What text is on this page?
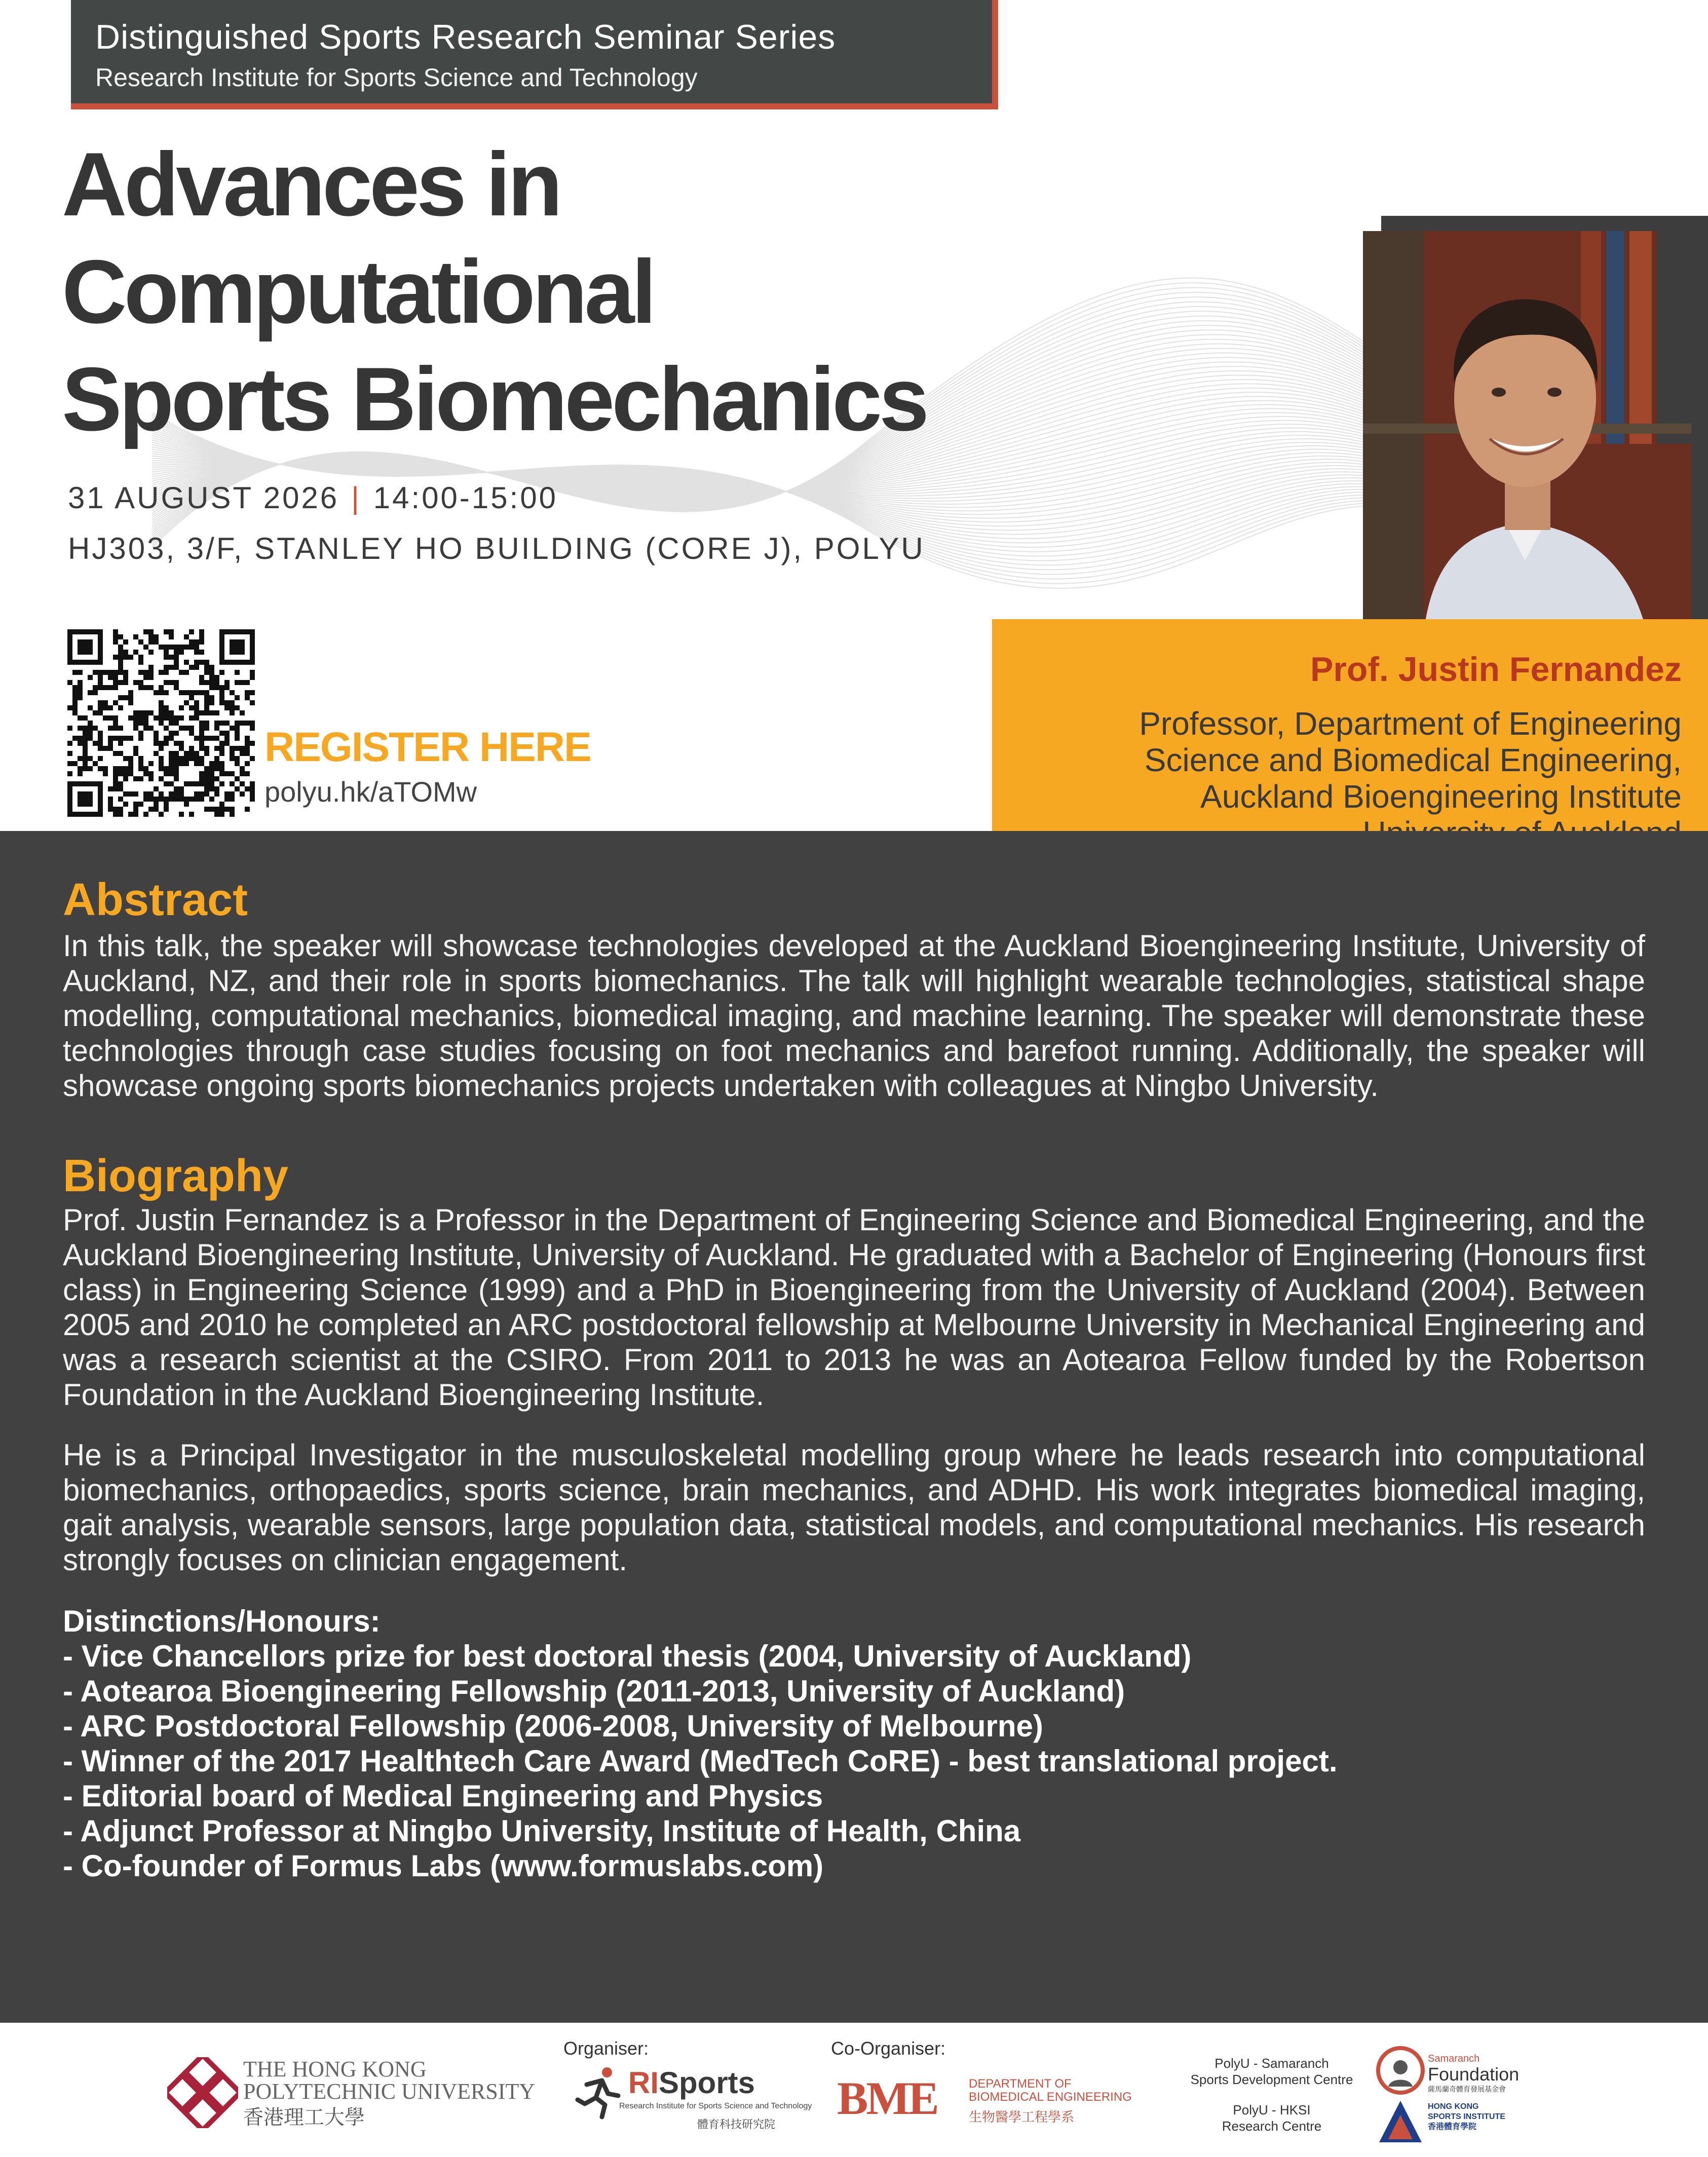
Distinguished Sports Research Seminar Series
Research Institute for Sports Science and Technology
Advances in
Computational
Sports Biomechanics
31 AUGUST 2026 | 14:00-15:00
HJ303, 3/F, STANLEY HO BUILDING (CORE J), POLYU
REGISTER HERE
polyu.hk/aTOMw
Prof. Justin Fernandez
Professor, Department of Engineering
Science and Biomedical Engineering,
Auckland Bioengineering Institute
Abstract
In this talk, the speaker will showcase technologies developed at the Auckland Bioengineering Institute, University of Auckland, NZ, and their role in sports biomechanics. The talk will highlight wearable technologies, statistical shape modelling, computational mechanics, biomedical imaging, and machine learning. The speaker will demonstrate these technologies through case studies focusing on foot mechanics and barefoot running. Additionally, the speaker will showcase ongoing sports biomechanics projects undertaken with colleagues at Ningbo University.
Biography
Prof. Justin Fernandez is a Professor in the Department of Engineering Science and Biomedical Engineering, and the Auckland Bioengineering Institute, University of Auckland. He graduated with a Bachelor of Engineering (Honours first class) in Engineering Science (1999) and a PhD in Bioengineering from the University of Auckland (2004). Between 2005 and 2010 he completed an ARC postdoctoral fellowship at Melbourne University in Mechanical Engineering and was a research scientist at the CSIRO. From 2011 to 2013 he was an Aotearoa Fellow funded by the Robertson Foundation in the Auckland Bioengineering Institute.
He is a Principal Investigator in the musculoskeletal modelling group where he leads research into computational biomechanics, orthopaedics, sports science, brain mechanics, and ADHD. His work integrates biomedical imaging, gait analysis, wearable sensors, large population data, statistical models, and computational mechanics. His research strongly focuses on clinician engagement.
Distinctions/Honours:
- Vice Chancellors prize for best doctoral thesis (2004, University of Auckland)
- Aotearoa Bioengineering Fellowship (2011-2013, University of Auckland)
- ARC Postdoctoral Fellowship (2006-2008, University of Melbourne)
- Winner of the 2017 Healthtech Care Award (MedTech CoRE) - best translational project.
- Editorial board of Medical Engineering and Physics
- Adjunct Professor at Ningbo University, Institute of Health, China
- Co-founder of Formus Labs (www.formuslabs.com)
THE HONG KONG
POLYTECHNIC UNIVERSITY
香港理工大學
Organiser:
RISports
Research Institute for Sports Science and Technology
體育科技研究院
Co-Organiser:
BME	DEPARTMENT OF
BIOMEDICAL ENGINEERING
生物醫學工程學系
PolyU - Samaranch
Sports Development Centre
PolyU - HKSI
Research Centre
Samaranch
Foundation
薩馬蘭奇體育發展基金會
HONG KONG
SPORTS INSTITUTE
香港體育學院
